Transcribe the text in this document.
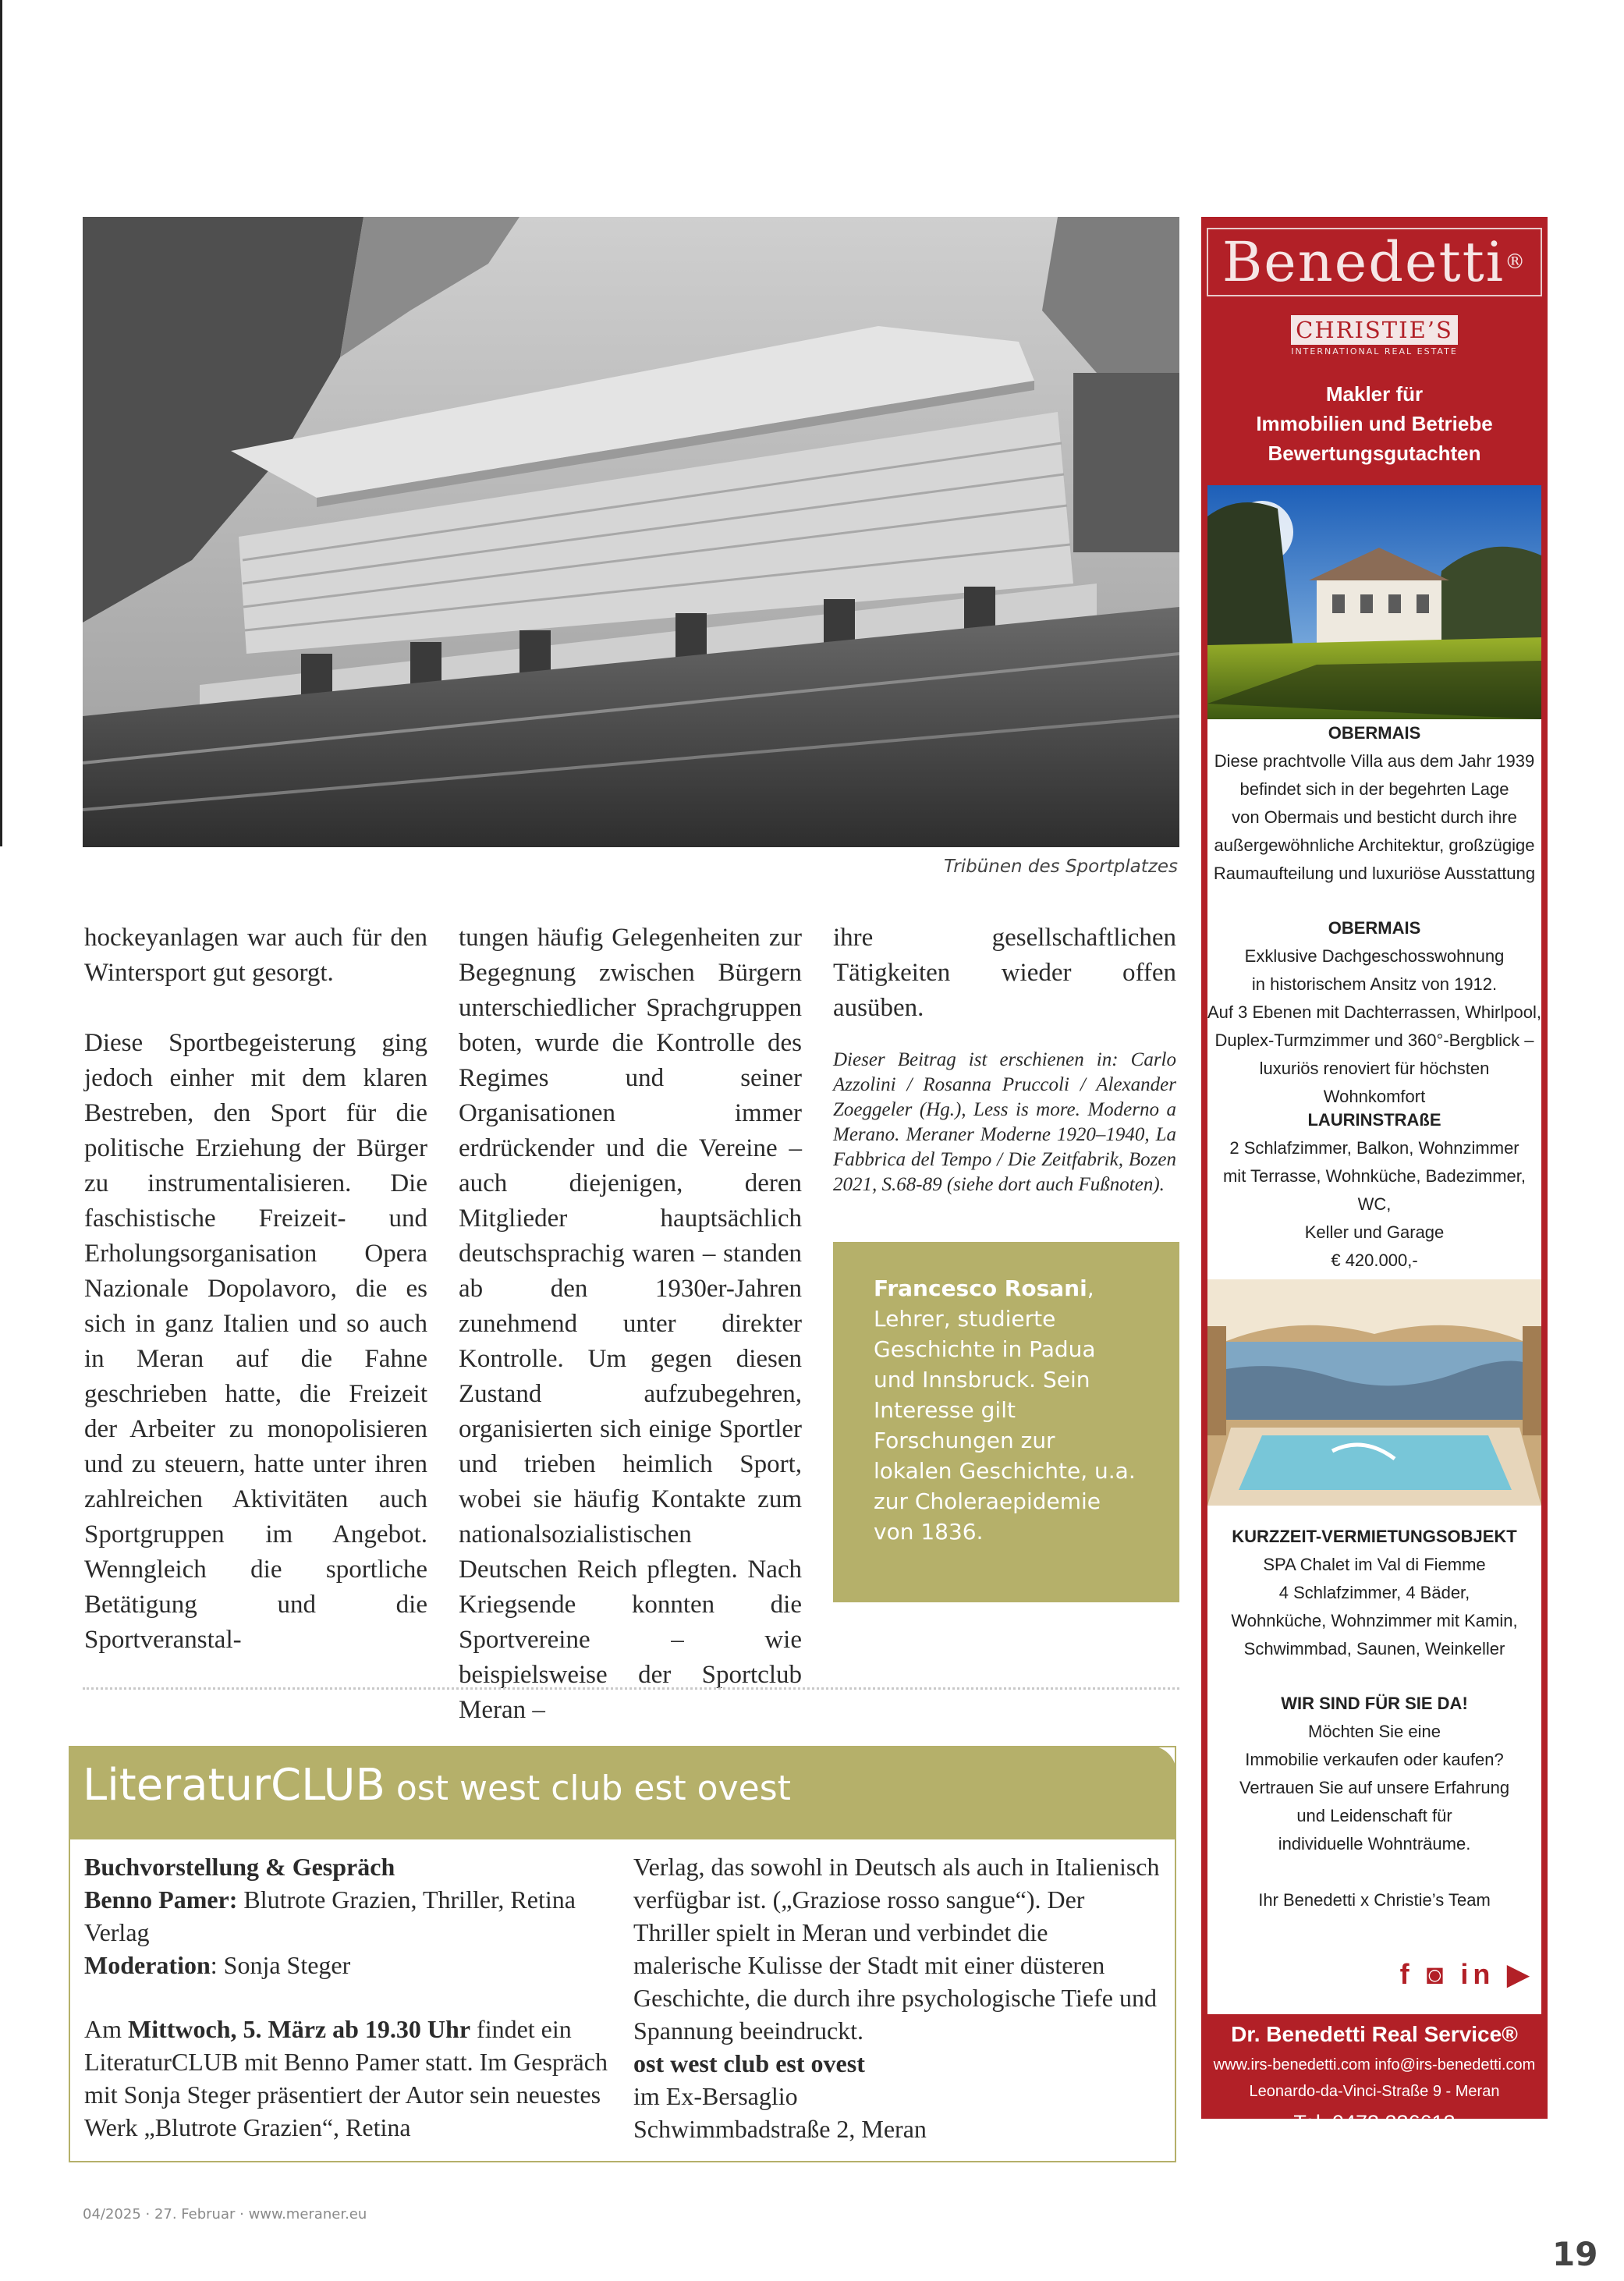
Tribünen des Sportplatzes

hockeyanlagen war auch für den Wintersport gut gesorgt.

Diese Sportbegeisterung ging jedoch einher mit dem klaren Bestreben, den Sport für die politische Erziehung der Bürger zu instrumentalisieren. Die faschistische Freizeit- und Erholungsorganisation Opera Nazionale Dopolavoro, die es sich in ganz Italien und so auch in Meran auf die Fahne geschrieben hatte, die Freizeit der Arbeiter zu monopolisieren und zu steuern, hatte unter ihren zahlreichen Aktivitäten auch Sportgruppen im Angebot. Wenngleich die sportliche Betätigung und die Sportveranstal-

tungen häufig Gelegenheiten zur Begegnung zwischen Bürgern unterschiedlicher Sprachgruppen boten, wurde die Kontrolle des Regimes und seiner Organisationen immer erdrückender und die Vereine – auch diejenigen, deren Mitglieder hauptsächlich deutschsprachig waren – standen ab den 1930er-Jahren zunehmend unter direkter Kontrolle. Um gegen diesen Zustand aufzubegehren, organisierten sich einige Sportler und trieben heimlich Sport, wobei sie häufig Kontakte zum nationalsozialistischen Deutschen Reich pflegten. Nach Kriegsende konnten die Sportvereine – wie beispielsweise der Sportclub Meran –

ihre gesellschaftlichen Tätigkeiten wieder offen ausüben.

Dieser Beitrag ist erschienen in: Carlo Azzolini / Rosanna Pruccoli / Alexander Zoeggeler (Hg.), Less is more. Moderno a Merano. Meraner Moderne 1920–1940, La Fabbrica del Tempo / Die Zeitfabrik, Bozen 2021, S.68-89 (siehe dort auch Fußnoten).
Francesco Rosani, Lehrer, studierte Geschichte in Padua und Innsbruck. Sein Interesse gilt Forschungen zur lokalen Geschichte, u.a. zur Choleraepidemie von 1836.
LiteraturCLUB ost west club est ovest

Buchvorstellung & Gespräch
Benno Pamer: Blutrote Grazien, Thriller, Retina Verlag
Moderation: Sonja Steger

Am Mittwoch, 5. März ab 19.30 Uhr findet ein LiteraturCLUB mit Benno Pamer statt. Im Gespräch mit Sonja Steger präsentiert der Autor sein neuestes Werk „Blutrote Grazien“, Retina

Verlag, das sowohl in Deutsch als auch in Italienisch verfügbar ist. („Graziose rosso sangue“). Der Thriller spielt in Meran und verbindet die malerische Kulisse der Stadt mit einer düsteren Geschichte, die durch ihre psychologische Tiefe und Spannung beeindruckt.
ost west club est ovest
im Ex-Bersaglio
Schwimmbadstraße 2, Meran
Benedetti®
CHRISTIE’S
INTERNATIONAL REAL ESTATE
Makler für
Immobilien und Betriebe
Bewertungsgutachten
OBERMAIS
Diese prachtvolle Villa aus dem Jahr 1939
befindet sich in der begehrten Lage
von Obermais und besticht durch ihre
außergewöhnliche Architektur, großzügige
Raumaufteilung und luxuriöse Ausstattung
OBERMAIS
Exklusive Dachgeschosswohnung
in historischem Ansitz von 1912.
Auf 3 Ebenen mit Dachterrassen, Whirlpool,
Duplex-Turmzimmer und 360°-Bergblick –
luxuriös renoviert für höchsten Wohnkomfort
LAURINSTRAßE
2 Schlafzimmer, Balkon, Wohnzimmer
mit Terrasse, Wohnküche, Badezimmer, WC,
Keller und Garage
€ 420.000,-
KURZZEIT-VERMIETUNGSOBJEKT
SPA Chalet im Val di Fiemme
4 Schlafzimmer, 4 Bäder,
Wohnküche, Wohnzimmer mit Kamin,
Schwimmbad, Saunen, Weinkeller
WIR SIND FÜR SIE DA!
Möchten Sie eine
Immobilie verkaufen oder kaufen?
Vertrauen Sie auf unsere Erfahrung
und Leidenschaft für
individuelle Wohnträume.
Ihr Benedetti x Christie’s Team
f ◙ in ▶
Dr. Benedetti Real Service®
www.irs-benedetti.com info@irs-benedetti.com
Leonardo-da-Vinci-Straße 9 - Meran
Tel. 0473 236613
04/2025 · 27. Februar · www.meraner.eu
19
